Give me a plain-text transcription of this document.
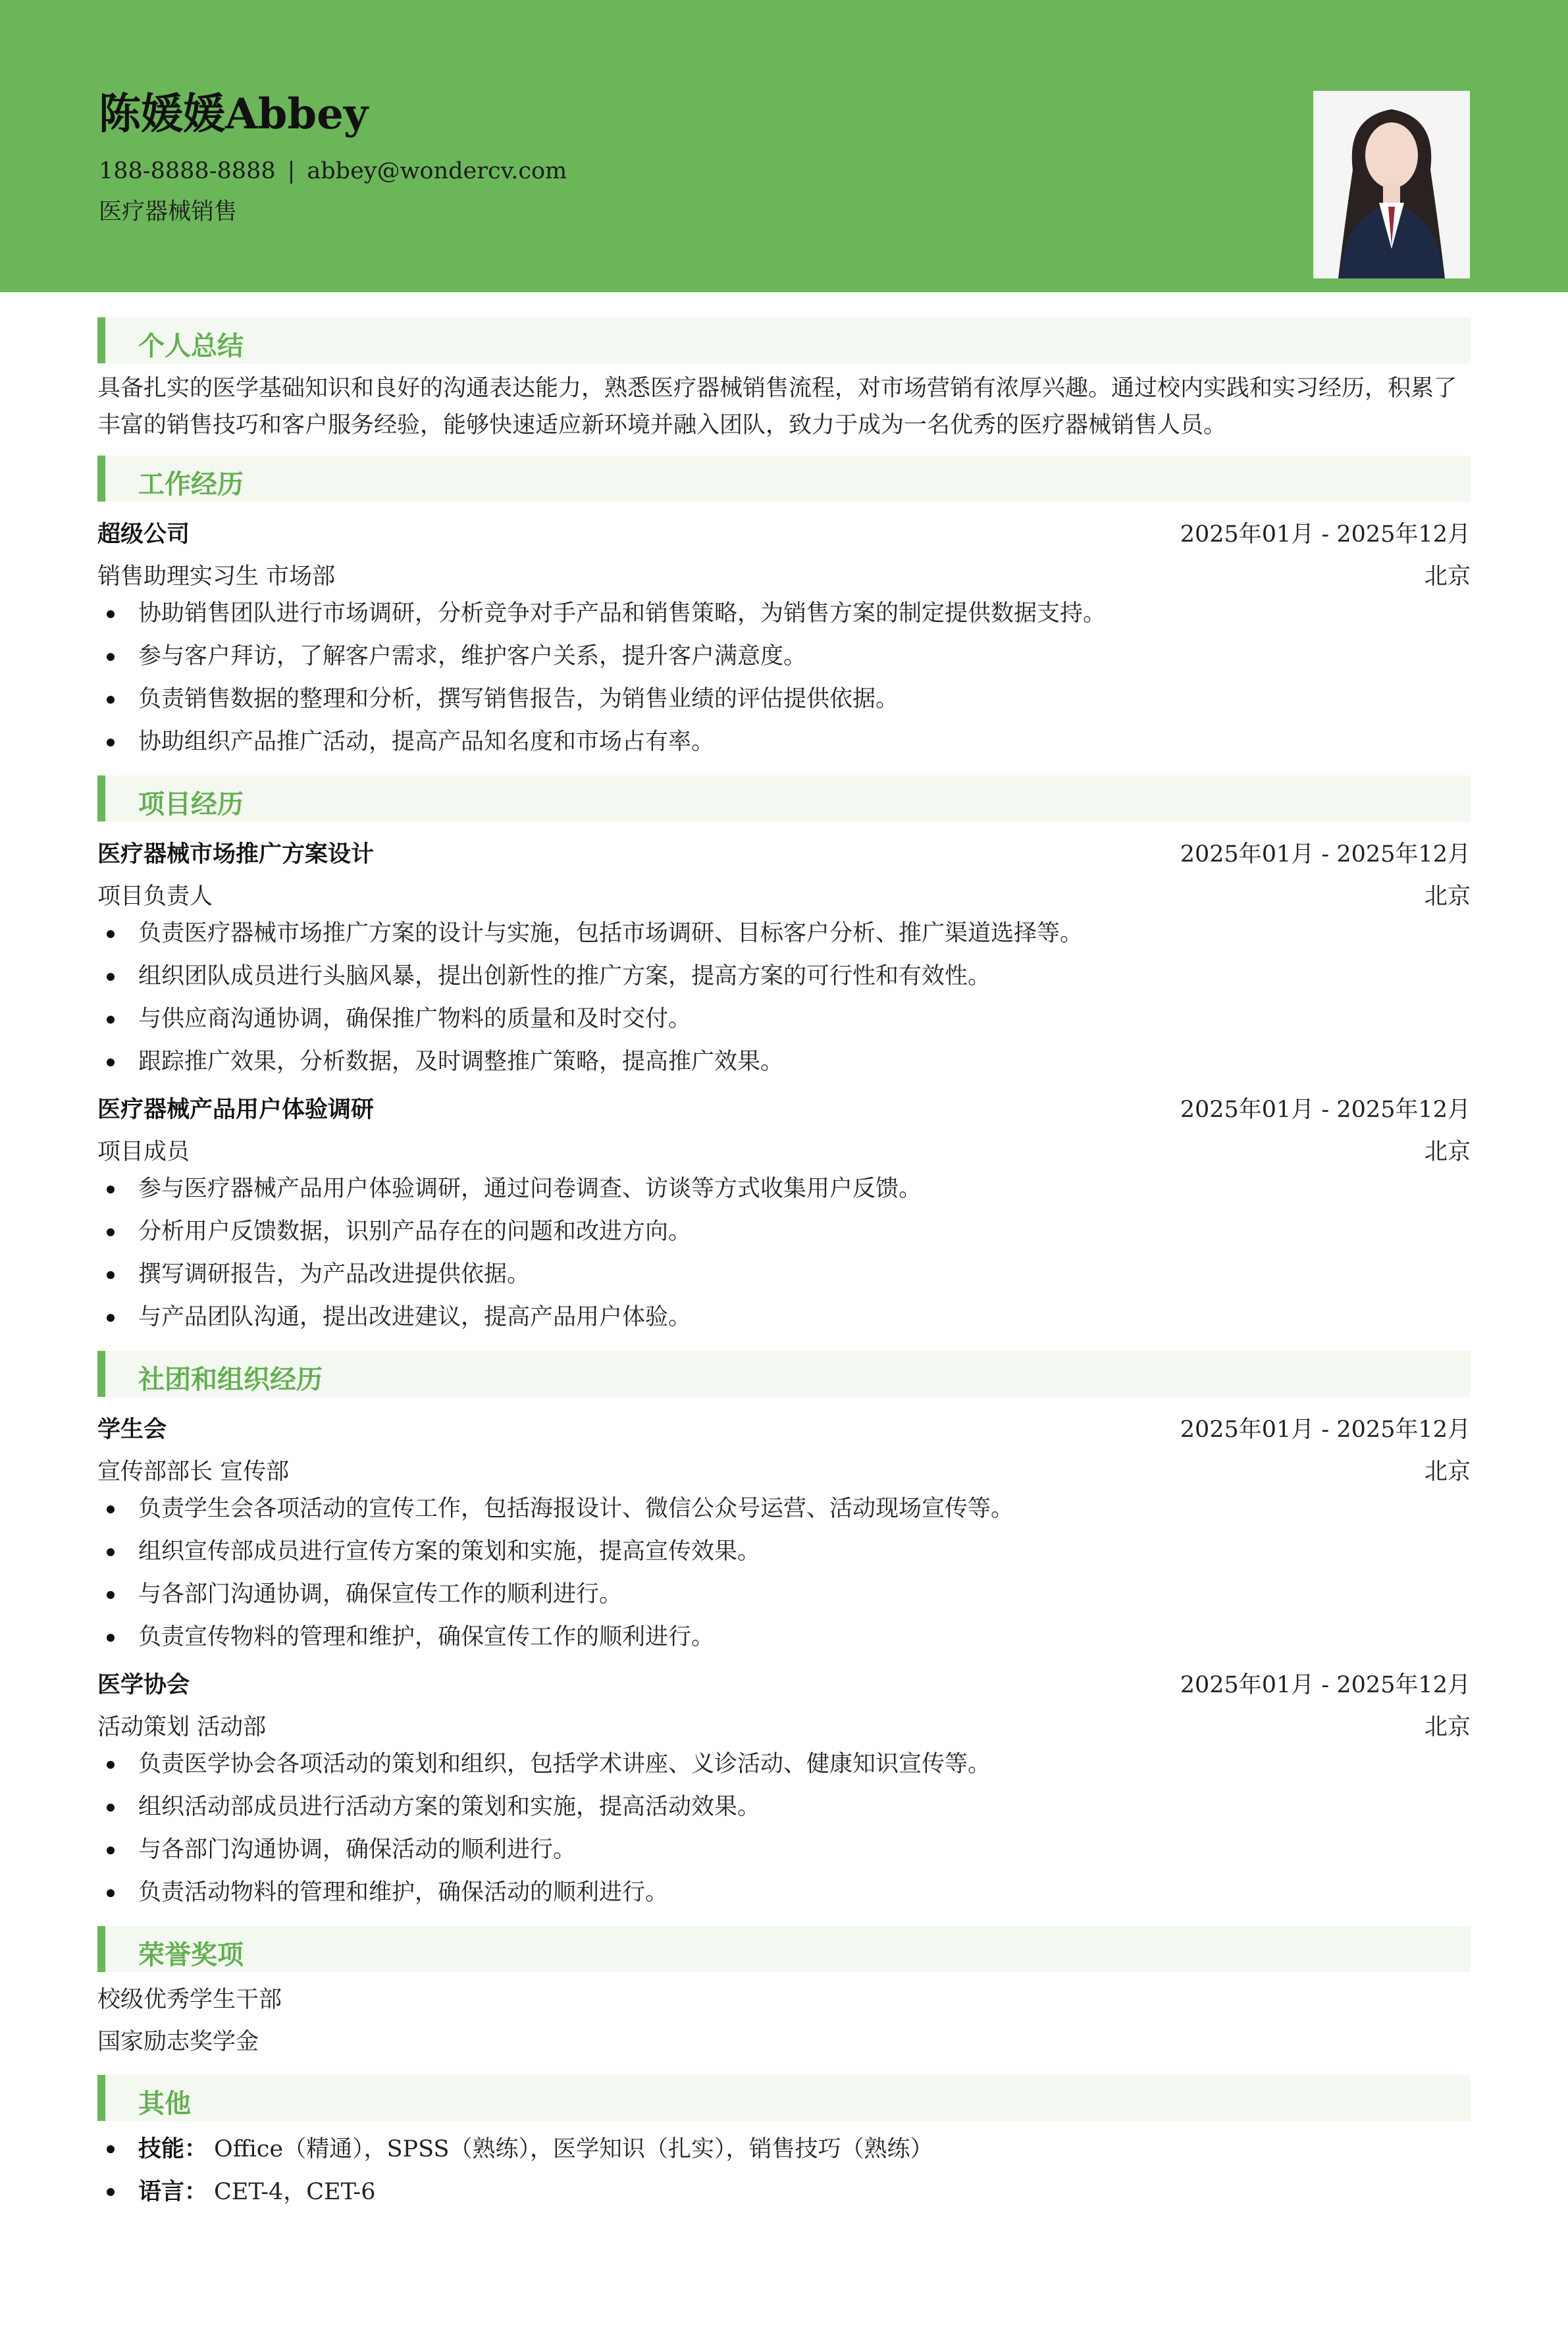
陈媛媛Abbey
188-8888-8888 | abbey@wondercv.com
医疗器械销售
个人总结

具备扎实的医学基础知识和良好的沟通表达能力，熟悉医疗器械销售流程，对市场营销有浓厚兴趣。通过校内实践和实习经历，积累了丰富的销售技巧和客户服务经验，能够快速适应新环境并融入团队，致力于成为一名优秀的医疗器械销售人员。

工作经历
超级公司	2025年01月 - 2025年12月
销售助理实习生 市场部	北京
协助销售团队进行市场调研，分析竞争对手产品和销售策略，为销售方案的制定提供数据支持。
参与客户拜访，了解客户需求，维护客户关系，提升客户满意度。
负责销售数据的整理和分析，撰写销售报告，为销售业绩的评估提供依据。
协助组织产品推广活动，提高产品知名度和市场占有率。
项目经历
医疗器械市场推广方案设计	2025年01月 - 2025年12月
项目负责人	北京
负责医疗器械市场推广方案的设计与实施，包括市场调研、目标客户分析、推广渠道选择等。
组织团队成员进行头脑风暴，提出创新性的推广方案，提高方案的可行性和有效性。
与供应商沟通协调，确保推广物料的质量和及时交付。
跟踪推广效果，分析数据，及时调整推广策略，提高推广效果。
医疗器械产品用户体验调研	2025年01月 - 2025年12月
项目成员	北京
参与医疗器械产品用户体验调研，通过问卷调查、访谈等方式收集用户反馈。
分析用户反馈数据，识别产品存在的问题和改进方向。
撰写调研报告，为产品改进提供依据。
与产品团队沟通，提出改进建议，提高产品用户体验。
社团和组织经历
学生会	2025年01月 - 2025年12月
宣传部部长 宣传部	北京
负责学生会各项活动的宣传工作，包括海报设计、微信公众号运营、活动现场宣传等。
组织宣传部成员进行宣传方案的策划和实施，提高宣传效果。
与各部门沟通协调，确保宣传工作的顺利进行。
负责宣传物料的管理和维护，确保宣传工作的顺利进行。
医学协会	2025年01月 - 2025年12月
活动策划 活动部	北京
负责医学协会各项活动的策划和组织，包括学术讲座、义诊活动、健康知识宣传等。
组织活动部成员进行活动方案的策划和实施，提高活动效果。
与各部门沟通协调，确保活动的顺利进行。
负责活动物料的管理和维护，确保活动的顺利进行。
荣誉奖项
校级优秀学生干部
国家励志奖学金
其他
技能： Office（精通），SPSS（熟练），医学知识（扎实），销售技巧（熟练）
语言： CET-4，CET-6
